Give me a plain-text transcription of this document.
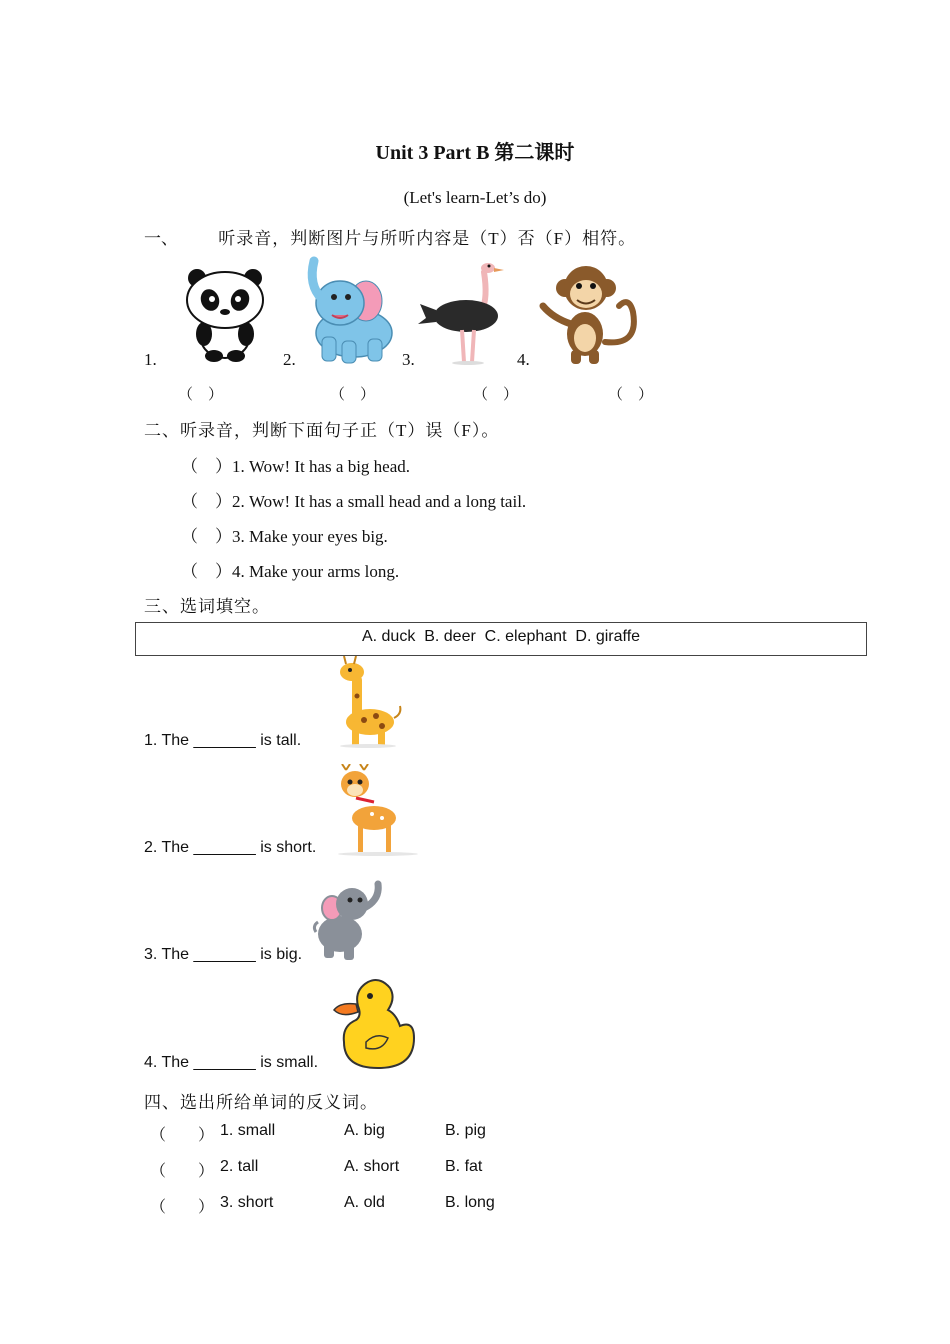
Unit 3 Part B 第二课时
(Let's learn-Let’s do)
一、 听录音，判断图片与所听内容是（T）否（F）相符。
1.	2.	3.	4.
（　）	（　）	（　）	（　）
二、听录音，判断下面句子正（T）误（F）。
（　）1. Wow! It has a big head.
（　）2. Wow! It has a small head and a long tail.
（　）3. Make your eyes big.
（　）4. Make your arms long.
三、选词填空。
A. duck  B. deer  C. elephant  D. giraffe
1. The _______ is tall.
2. The _______ is short.
3. The _______ is big.
4. The _______ is small.
四、选出所给单词的反义词。
（　　） 1. small	A. big	B. pig
（　　） 2. tall	A. short	B. fat
（　　） 3. short	A. old	B. long
